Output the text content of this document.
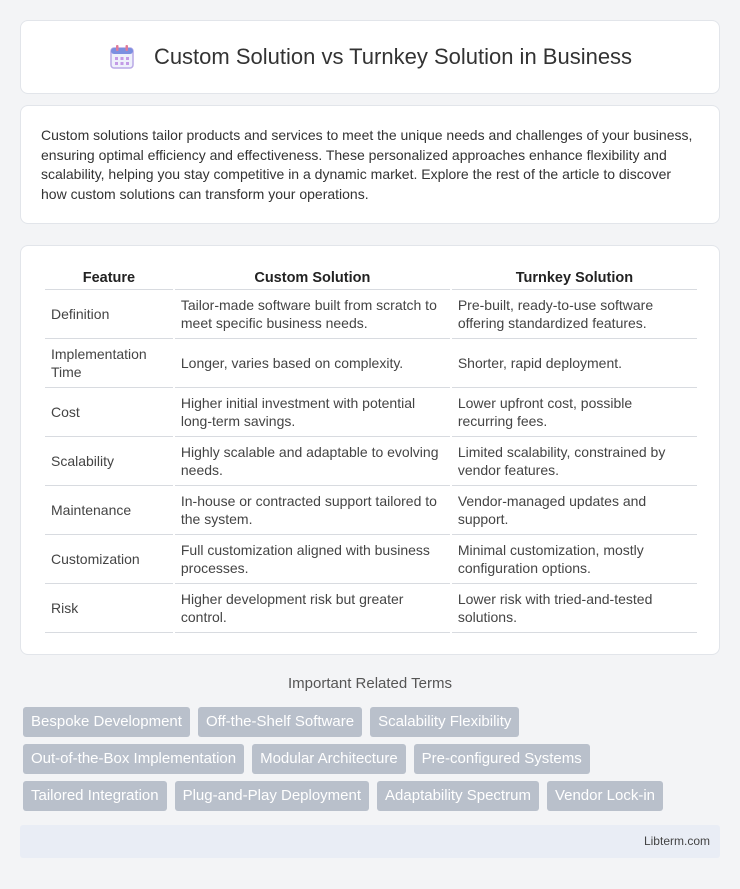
Custom Solution vs Turnkey Solution in Business

Custom solutions tailor products and services to meet the unique needs and challenges of your business, ensuring optimal efficiency and effectiveness. These personalized approaches enhance flexibility and scalability, helping you stay competitive in a dynamic market. Explore the rest of the article to discover how custom solutions can transform your operations.

Feature	Custom Solution	Turnkey Solution
Definition	Tailor-made software built from scratch to meet specific business needs.	Pre-built, ready-to-use software offering standardized features.
Implementation Time	Longer, varies based on complexity.	Shorter, rapid deployment.
Cost	Higher initial investment with potential long-term savings.	Lower upfront cost, possible recurring fees.
Scalability	Highly scalable and adaptable to evolving needs.	Limited scalability, constrained by vendor features.
Maintenance	In-house or contracted support tailored to the system.	Vendor-managed updates and support.
Customization	Full customization aligned with business processes.	Minimal customization, mostly configuration options.
Risk	Higher development risk but greater control.	Lower risk with tried-and-tested solutions.
Important Related Terms
Bespoke Development	Off-the-Shelf Software	Scalability Flexibility
Out-of-the-Box Implementation	Modular Architecture	Pre-configured Systems
Tailored Integration	Plug-and-Play Deployment	Adaptability Spectrum	Vendor Lock-in
Libterm.com
